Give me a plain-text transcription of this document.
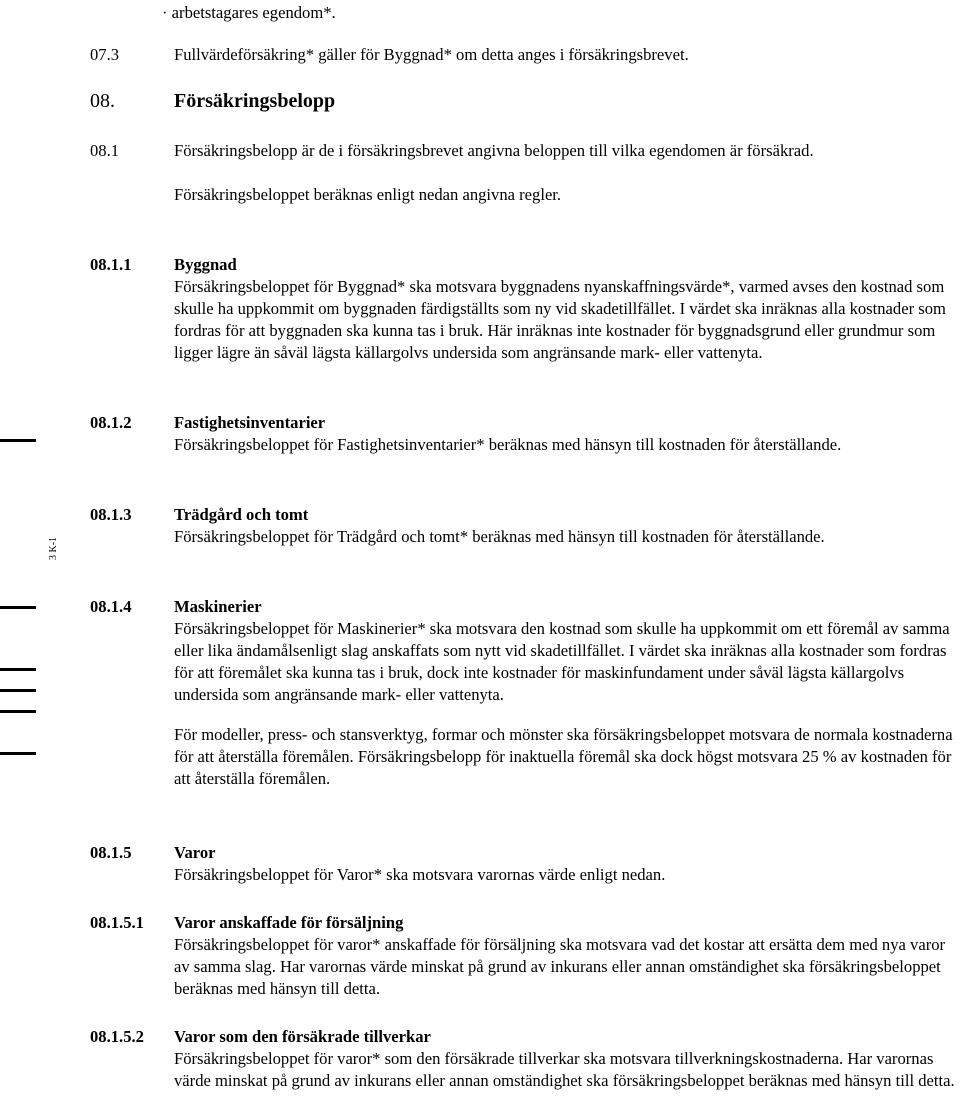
· arbetstagares egendom*.
07.3	Fullvärdeförsäkring* gäller för Byggnad* om detta anges i försäkringsbrevet.
08.	Försäkringsbelopp
08.1	Försäkringsbelopp är de i försäkringsbrevet angivna beloppen till vilka egendomen är försäkrad.

Försäkringsbeloppet beräknas enligt nedan angivna regler.

08.1.1	Byggnad

Försäkringsbeloppet för Byggnad* ska motsvara byggnadens nyanskaffningsvärde*, varmed avses den kostnad som skulle ha uppkommit om byggnaden färdigställts som ny vid skadetillfället. I värdet ska inräknas alla kostnader som fordras för att byggnaden ska kunna tas i bruk. Här inräknas inte kostnader för byggnadsgrund eller grundmur som ligger lägre än såväl lägsta källargolvs undersida som angränsande mark- eller vattenyta.

08.1.2	Fastighetsinventarier

Försäkringsbeloppet för Fastighetsinventarier* beräknas med hänsyn till kostnaden för återställande.

08.1.3	Trädgård och tomt

Försäkringsbeloppet för Trädgård och tomt* beräknas med hänsyn till kostnaden för återställande.

08.1.4	Maskinerier

Försäkringsbeloppet för Maskinerier* ska motsvara den kostnad som skulle ha uppkommit om ett föremål av samma eller lika ändamålsenligt slag anskaffats som nytt vid skadetillfället. I värdet ska inräknas alla kostnader som fordras för att föremålet ska kunna tas i bruk, dock inte kostnader för maskinfundament under såväl lägsta källargolvs undersida som angränsande mark- eller vattenyta.

För modeller, press- och stansverktyg, formar och mönster ska försäkringsbeloppet motsvara de normala kostnaderna för att återställa föremålen. Försäkringsbelopp för inaktuella föremål ska dock högst motsvara 25 % av kostnaden för att återställa föremålen.

08.1.5	Varor

Försäkringsbeloppet för Varor* ska motsvara varornas värde enligt nedan.

08.1.5.1	Varor anskaffade för försäljning

Försäkringsbeloppet för varor* anskaffade för försäljning ska motsvara vad det kostar att ersätta dem med nya varor av samma slag. Har varornas värde minskat på grund av inkurans eller annan omständighet ska försäkringsbeloppet beräknas med hänsyn till detta.

08.1.5.2	Varor som den försäkrade tillverkar

Försäkringsbeloppet för varor* som den försäkrade tillverkar ska motsvara tillverkningskostnaderna. Har varornas värde minskat på grund av inkurans eller annan omständighet ska försäkringsbeloppet beräknas med hänsyn till detta.

3 K-1
